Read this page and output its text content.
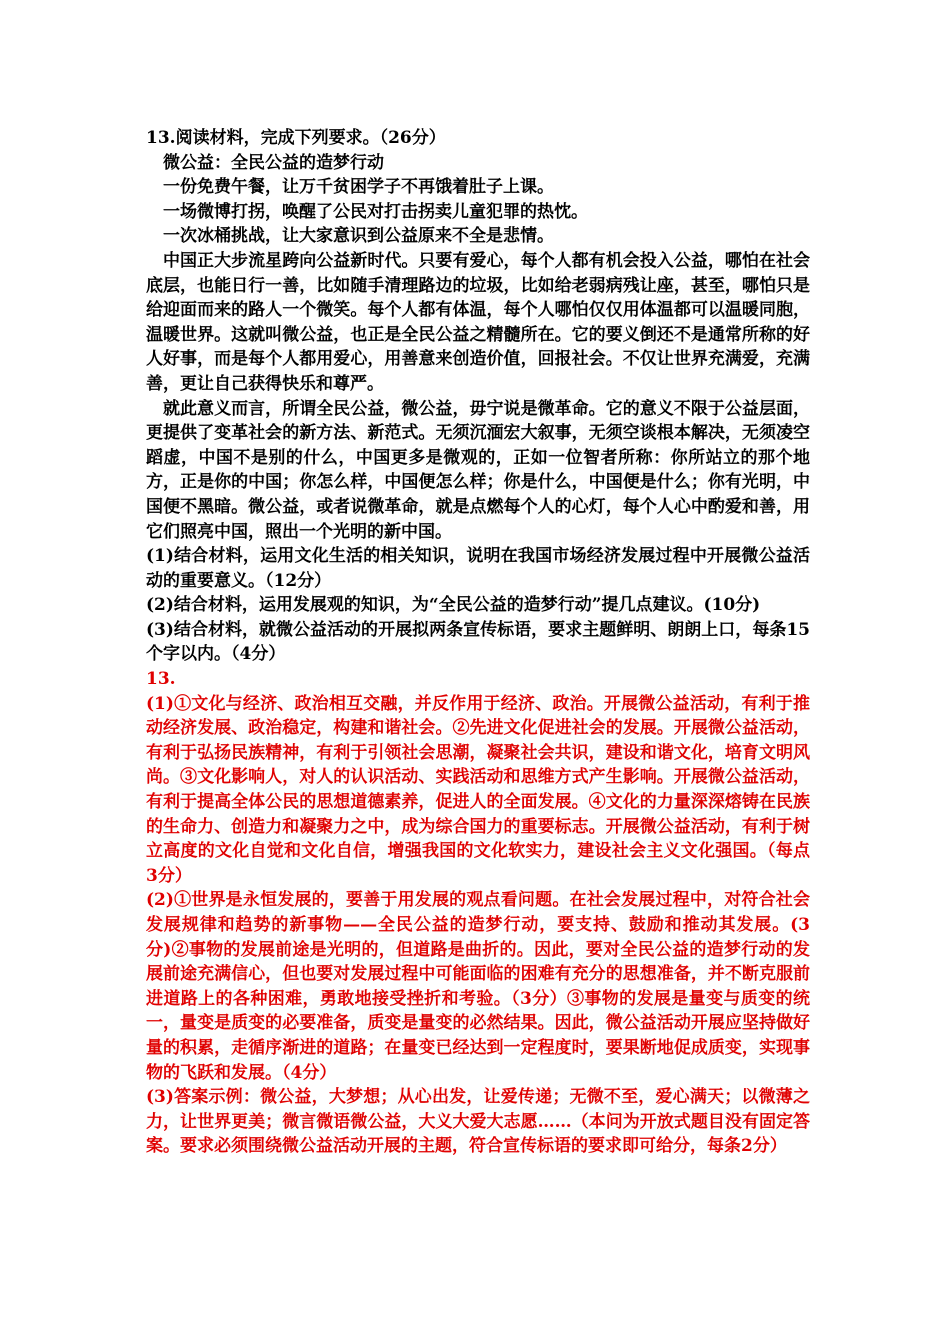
13.阅读材料，完成下列要求。（26分）

微公益：全民公益的造梦行动

一份免费午餐，让万千贫困学子不再饿着肚子上课。

一场微博打拐，唤醒了公民对打击拐卖儿童犯罪的热忱。

一次冰桶挑战，让大家意识到公益原来不全是悲情。

中国正大步流星跨向公益新时代。只要有爱心，每个人都有机会投入公益，哪怕在社会底层，也能日行一善，比如随手清理路边的垃圾，比如给老弱病残让座，甚至，哪怕只是给迎面而来的路人一个微笑。每个人都有体温，每个人哪怕仅仅用体温都可以温暖同胞，温暖世界。这就叫微公益，也正是全民公益之精髓所在。它的要义倒还不是通常所称的好人好事，而是每个人都用爱心，用善意来创造价值，回报社会。不仅让世界充满爱，充满善，更让自己获得快乐和尊严。

就此意义而言，所谓全民公益，微公益，毋宁说是微革命。它的意义不限于公益层面，更提供了变革社会的新方法、新范式。无须沉湎宏大叙事，无须空谈根本解决，无须凌空蹈虚，中国不是别的什么，中国更多是微观的，正如一位智者所称：你所站立的那个地方，正是你的中国；你怎么样，中国便怎么样；你是什么，中国便是什么；你有光明，中国便不黑暗。微公益，或者说微革命，就是点燃每个人的心灯，每个人心中酌爱和善，用它们照亮中国，照出一个光明的新中国。

(1)结合材料，运用文化生活的相关知识，说明在我国市场经济发展过程中开展微公益活动的重要意义。（12分）

(2)结合材料，运用发展观的知识，为“全民公益的造梦行动”提几点建议。(10分)

(3)结合材料，就微公益活动的开展拟两条宣传标语，要求主题鲜明、朗朗上口，每条15个字以内。（4分）

13.

(1)①文化与经济、政治相互交融，并反作用于经济、政治。开展微公益活动，有利于推动经济发展、政治稳定，构建和谐社会。②先进文化促进社会的发展。开展微公益活动，有利于弘扬民族精神，有利于引领社会思潮，凝聚社会共识，建设和谐文化，培育文明风尚。③文化影响人，对人的认识活动、实践活动和思维方式产生影响。开展微公益活动，有利于提高全体公民的思想道德素养，促进人的全面发展。④文化的力量深深熔铸在民族的生命力、创造力和凝聚力之中，成为综合国力的重要标志。开展微公益活动，有利于树立高度的文化自觉和文化自信，增强我国的文化软实力，建设社会主义文化强国。（每点3分）

(2)①世界是永恒发展的，要善于用发展的观点看问题。在社会发展过程中，对符合社会发展规律和趋势的新事物——全民公益的造梦行动，要支持、鼓励和推动其发展。(3分)②事物的发展前途是光明的，但道路是曲折的。因此，要对全民公益的造梦行动的发展前途充满信心，但也要对发展过程中可能面临的困难有充分的思想准备，并不断克服前进道路上的各种困难，勇敢地接受挫折和考验。（3分）③事物的发展是量变与质变的统一，量变是质变的必要准备，质变是量变的必然结果。因此，微公益活动开展应坚持做好量的积累，走循序渐进的道路；在量变已经达到一定程度时，要果断地促成质变，实现事物的飞跃和发展。（4分）

(3)答案示例：微公益，大梦想；从心出发，让爱传递；无微不至，爱心满天；以微薄之力，让世界更美；微言微语微公益，大义大爱大志愿……（本问为开放式题目没有固定答案。要求必须围绕微公益活动开展的主题，符合宣传标语的要求即可给分，每条2分）
